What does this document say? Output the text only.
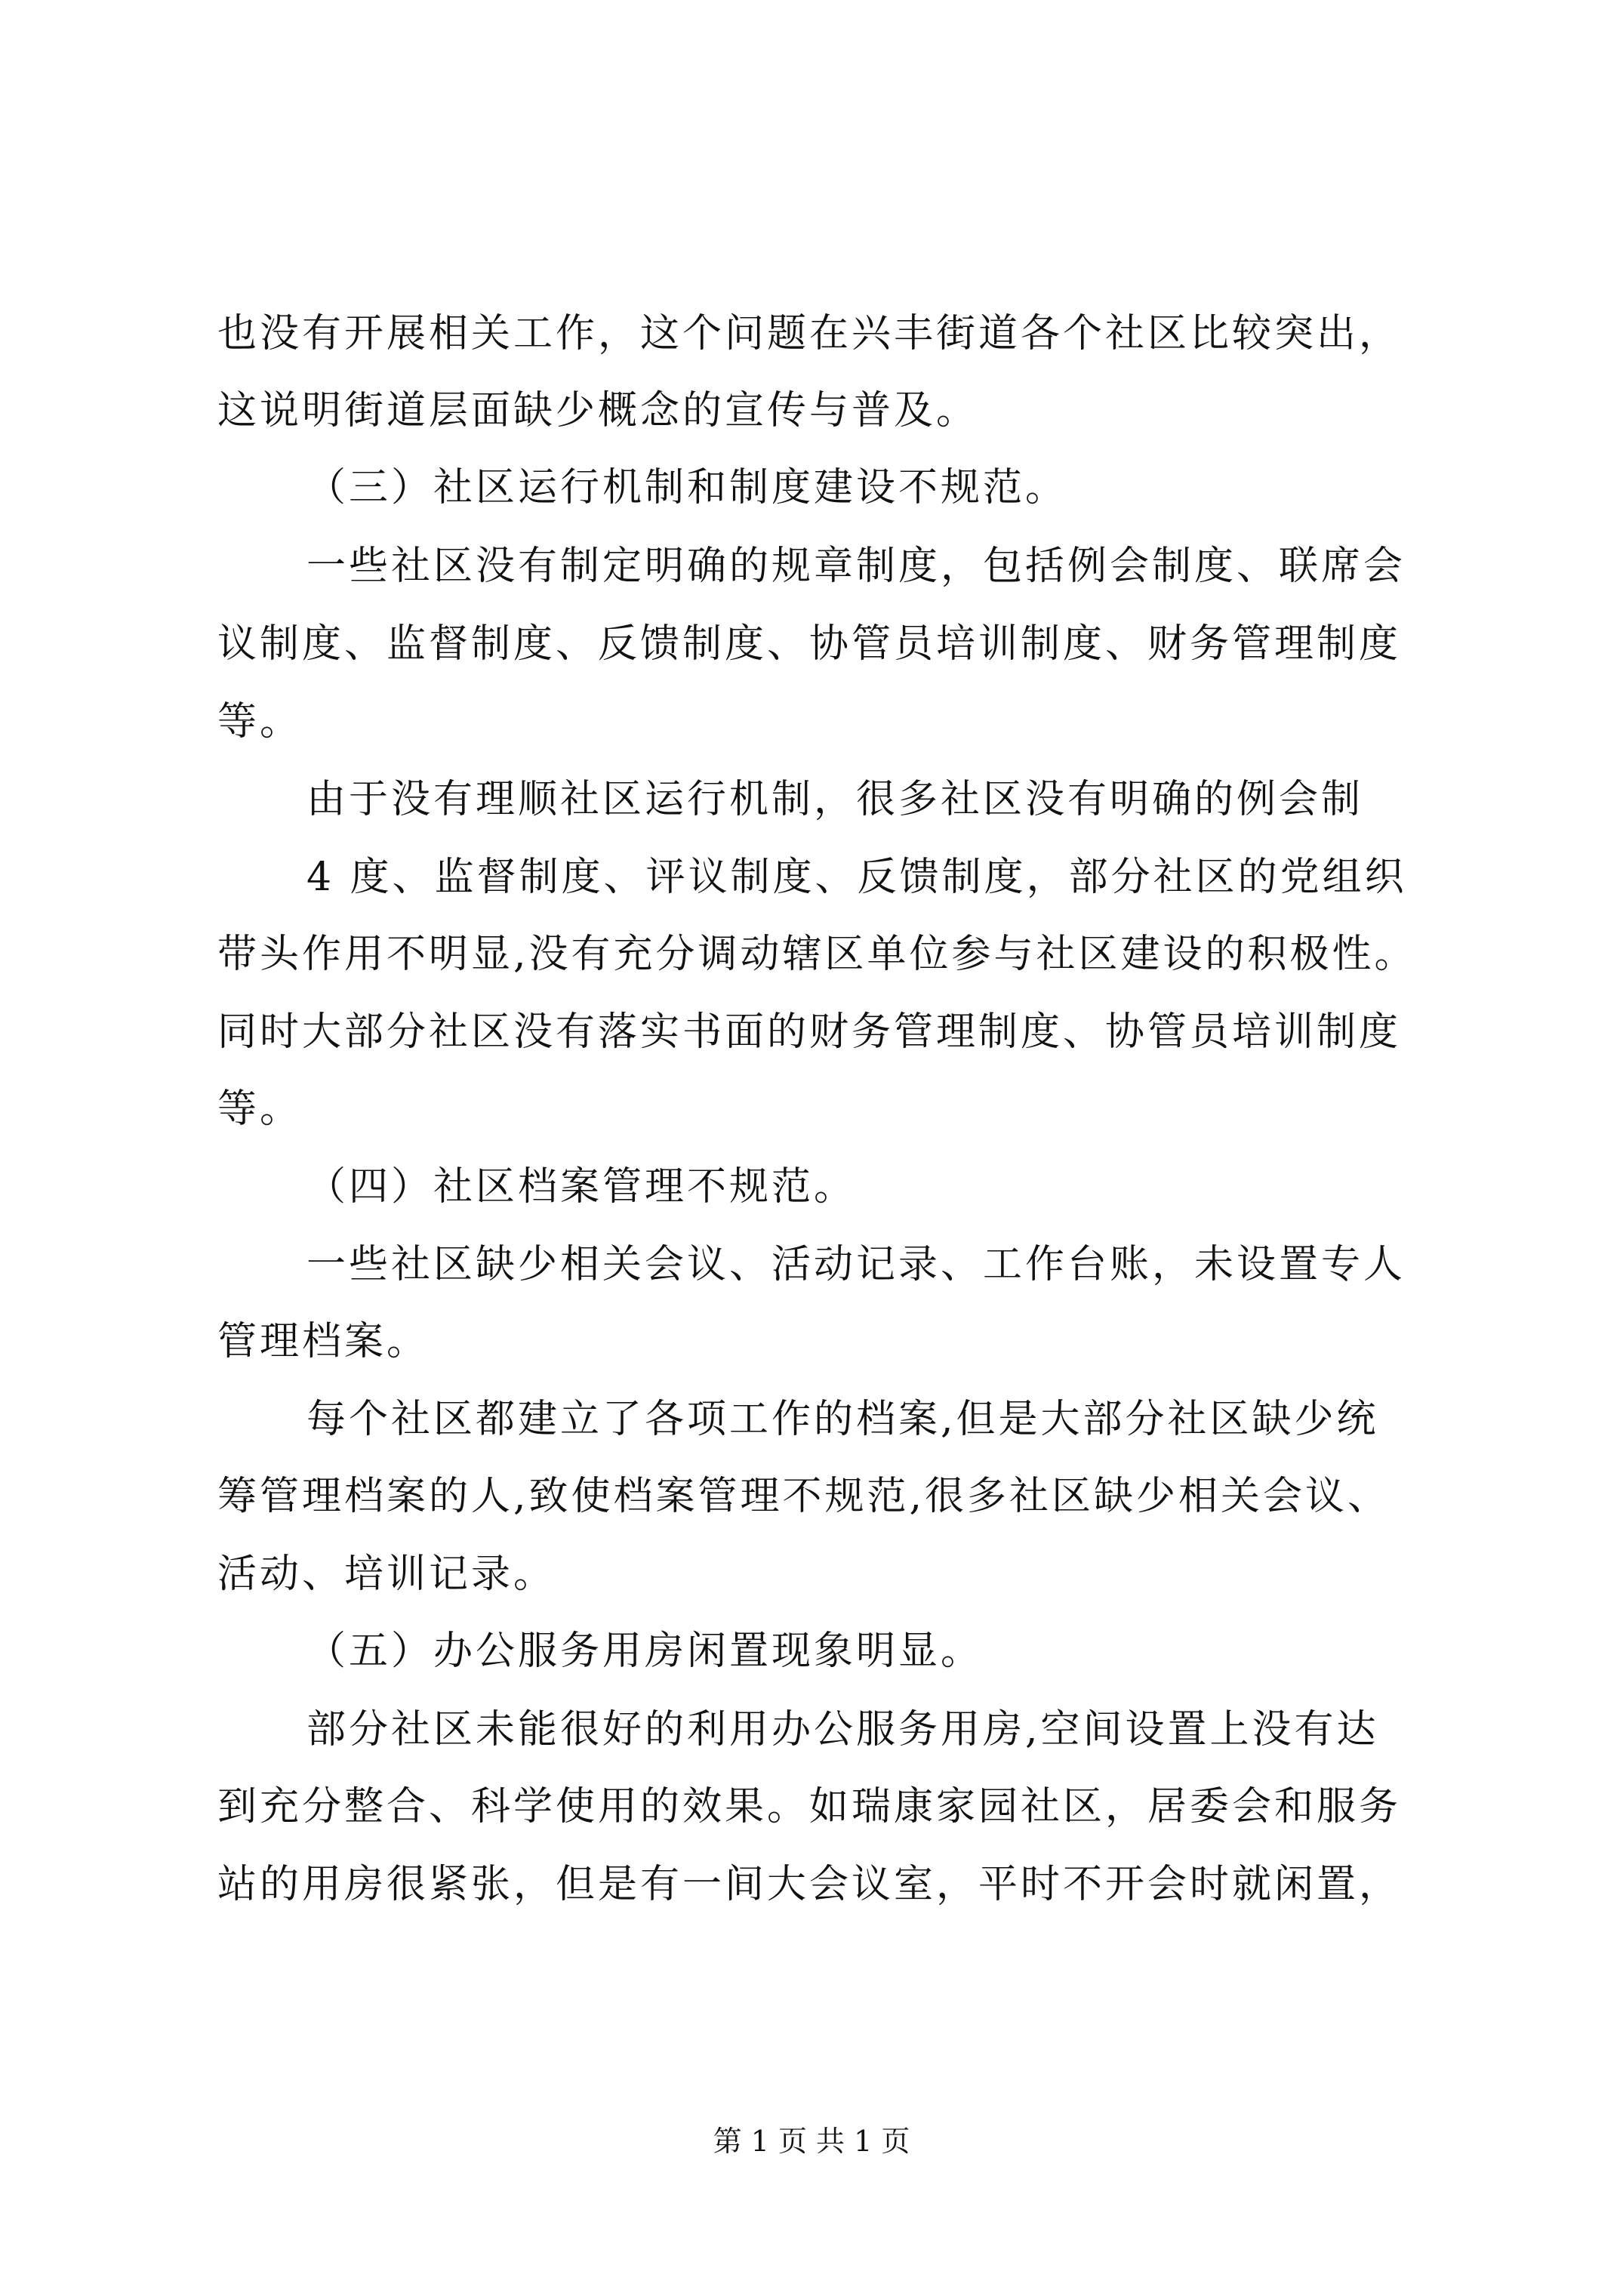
也没有开展相关工作，这个问题在兴丰街道各个社区比较突出，
这说明街道层面缺少概念的宣传与普及。
（三）社区运行机制和制度建设不规范。
一些社区没有制定明确的规章制度，包括例会制度、联席会
议制度、监督制度、反馈制度、协管员培训制度、财务管理制度
等。
由于没有理顺社区运行机制，很多社区没有明确的例会制
4 度、监督制度、评议制度、反馈制度，部分社区的党组织
带头作用不明显,没有充分调动辖区单位参与社区建设的积极性。
同时大部分社区没有落实书面的财务管理制度、协管员培训制度
等。
（四）社区档案管理不规范。
一些社区缺少相关会议、活动记录、工作台账，未设置专人
管理档案。
每个社区都建立了各项工作的档案,但是大部分社区缺少统
筹管理档案的人,致使档案管理不规范,很多社区缺少相关会议、
活动、培训记录。
（五）办公服务用房闲置现象明显。
部分社区未能很好的利用办公服务用房,空间设置上没有达
到充分整合、科学使用的效果。如瑞康家园社区，居委会和服务
站的用房很紧张，但是有一间大会议室，平时不开会时就闲置，
第 1 页 共 1 页
